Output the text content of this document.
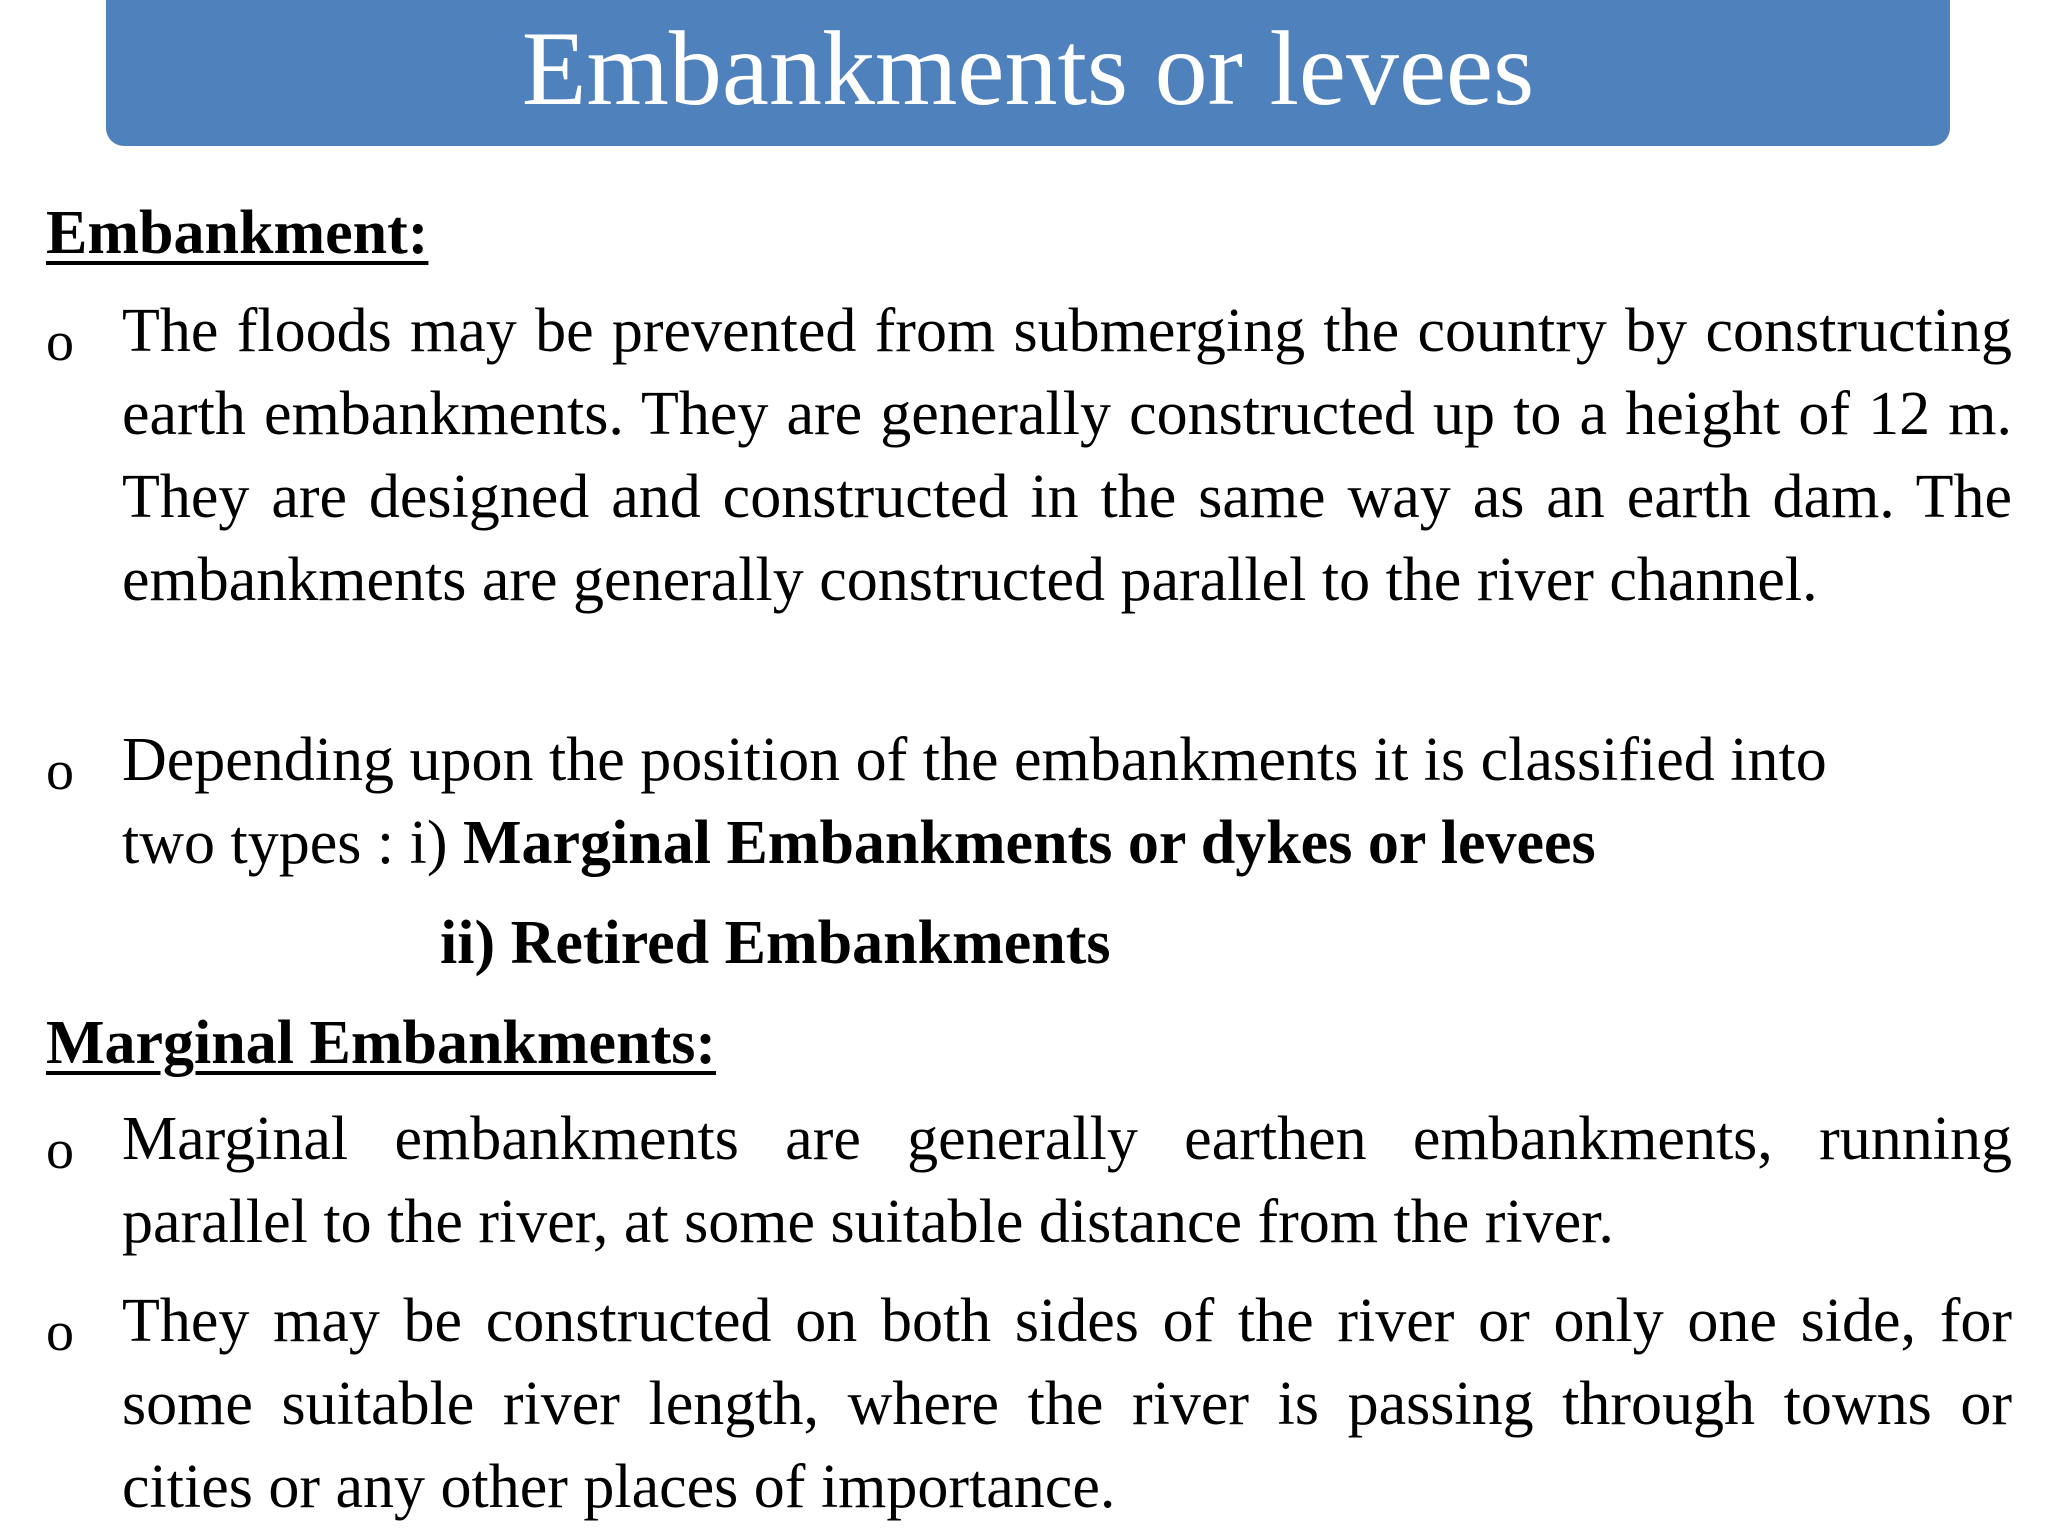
Embankments or levees
Embankment:
o The floods may be prevented from submerging the country by constructing earth embankments. They are generally constructed up to a height of 12 m. They are designed and constructed in the same way as an earth dam. The embankments are generally constructed parallel to the river channel.
o Depending upon the position of the embankments it is classified into
two types : i) Marginal Embankments or dykes or levees
ii) Retired Embankments
Marginal Embankments:
o Marginal embankments are generally earthen embankments, running parallel to the river, at some suitable distance from the river.
o They may be constructed on both sides of the river or only one side, for some suitable river length, where the river is passing through towns or cities or any other places of importance.
